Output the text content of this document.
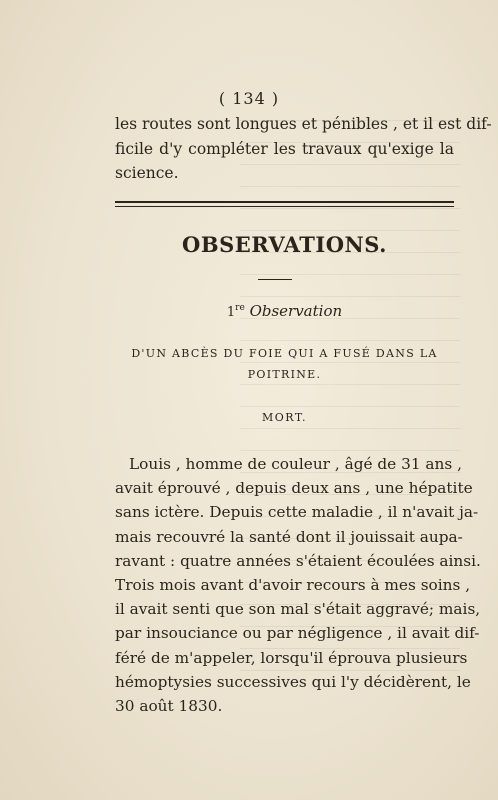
( 134 )
les routes sont longues et pénibles , et il est dif-
ficile d'y compléter les travaux qu'exige la
science.
OBSERVATIONS.
1re Observation
D'UN ABCÈS DU FOIE QUI A FUSÉ DANS LA
POITRINE.
MORT.
Louis , homme de couleur , âgé de 31 ans ,
avait éprouvé , depuis deux ans , une hépatite
sans ictère. Depuis cette maladie , il n'avait ja-
mais recouvré la santé dont il jouissait aupa-
ravant : quatre années s'étaient écoulées ainsi.
Trois mois avant d'avoir recours à mes soins ,
il avait senti que son mal s'était aggravé; mais,
par insouciance ou par négligence , il avait dif-
féré de m'appeler, lorsqu'il éprouva plusieurs
hémoptysies successives qui l'y décidèrent, le
30 août 1830.
